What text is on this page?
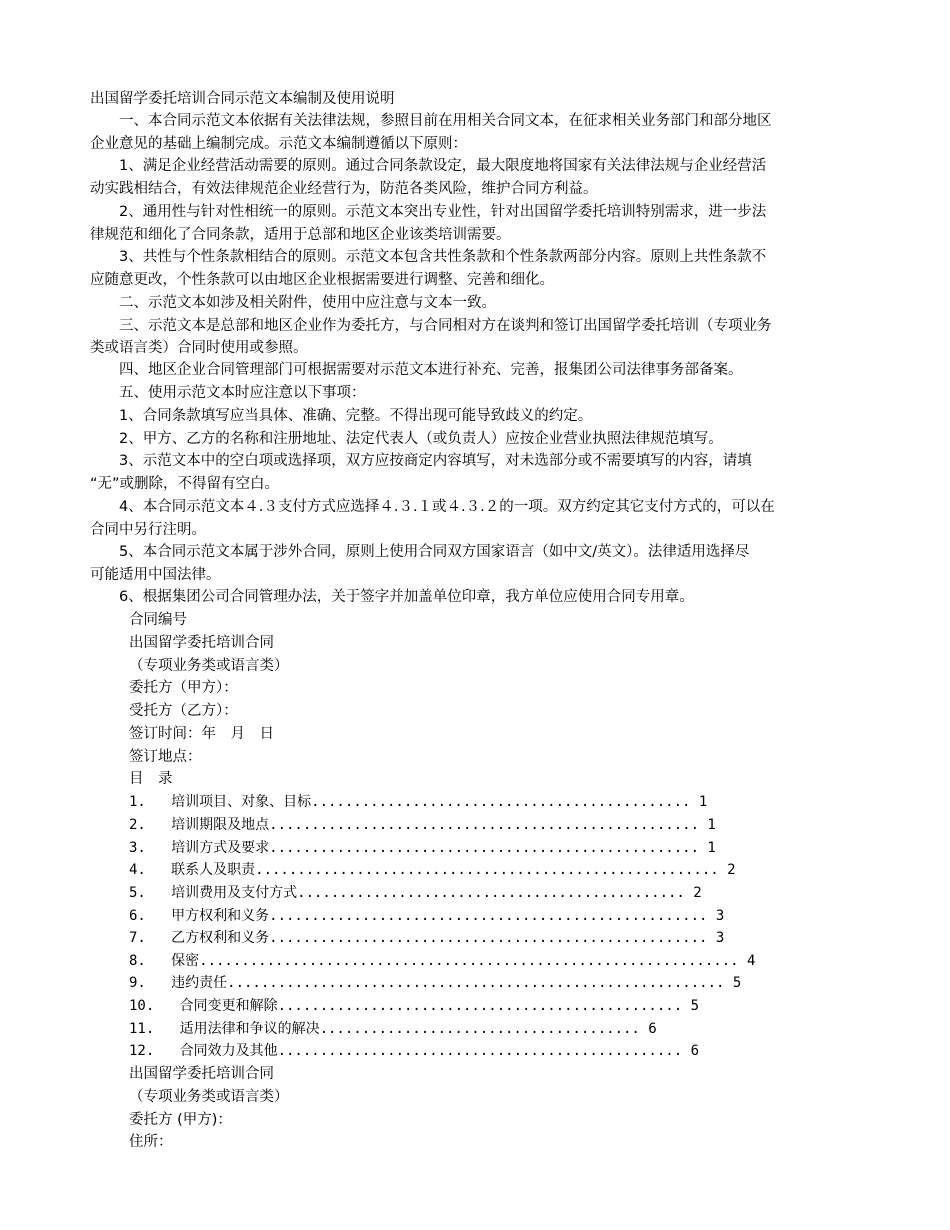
出国留学委托培训合同示范文本编制及使用说明
　　一、本合同示范文本依据有关法律法规，参照目前在用相关合同文本，在征求相关业务部门和部分地区
企业意见的基础上编制完成。示范文本编制遵循以下原则：
　　1、满足企业经营活动需要的原则。通过合同条款设定，最大限度地将国家有关法律法规与企业经营活
动实践相结合，有效法律规范企业经营行为，防范各类风险，维护合同方利益。
　　2、通用性与针对性相统一的原则。示范文本突出专业性，针对出国留学委托培训特别需求，进一步法
律规范和细化了合同条款，适用于总部和地区企业该类培训需要。
　　3、共性与个性条款相结合的原则。示范文本包含共性条款和个性条款两部分内容。原则上共性条款不
应随意更改，个性条款可以由地区企业根据需要进行调整、完善和细化。
　　二、示范文本如涉及相关附件，使用中应注意与文本一致。
　　三、示范文本是总部和地区企业作为委托方，与合同相对方在谈判和签订出国留学委托培训（专项业务
类或语言类）合同时使用或参照。
　　四、地区企业合同管理部门可根据需要对示范文本进行补充、完善，报集团公司法律事务部备案。
　　五、使用示范文本时应注意以下事项：
　　1、合同条款填写应当具体、准确、完整。不得出现可能导致歧义的约定。
　　2、甲方、乙方的名称和注册地址、法定代表人（或负责人）应按企业营业执照法律规范填写。
　　3、示范文本中的空白项或选择项，双方应按商定内容填写，对未选部分或不需要填写的内容，请填
“无”或删除，不得留有空白。
　　4、本合同示范文本４.３支付方式应选择４.３.１或４.３.２的一项。双方约定其它支付方式的，可以在
合同中另行注明。
　　5、本合同示范文本属于涉外合同，原则上使用合同双方国家语言（如中文/英文）。法律适用选择尽
可能适用中国法律。
　　6、根据集团公司合同管理办法，关于签字并加盖单位印章，我方单位应使用合同专用章。
合同编号
出国留学委托培训合同
（专项业务类或语言类）
委托方（甲方）：
受托方（乙方）：
签订时间：年　月　日
签订地点：
目　录
1.   培训项目、对象、目标............................................. 1
2.   培训期限及地点................................................... 1
3.   培训方式及要求................................................... 1
4.   联系人及职责....................................................... 2
5.   培训费用及支付方式.............................................. 2
6.   甲方权利和义务.................................................... 3
7.   乙方权利和义务.................................................... 3
8.   保密................................................................ 4
9.   违约责任........................................................... 5
10.   合同变更和解除................................................ 5
11.   适用法律和争议的解决...................................... 6
12.   合同效力及其他................................................ 6
出国留学委托培训合同
（专项业务类或语言类）
委托方 (甲方)：
住所：
